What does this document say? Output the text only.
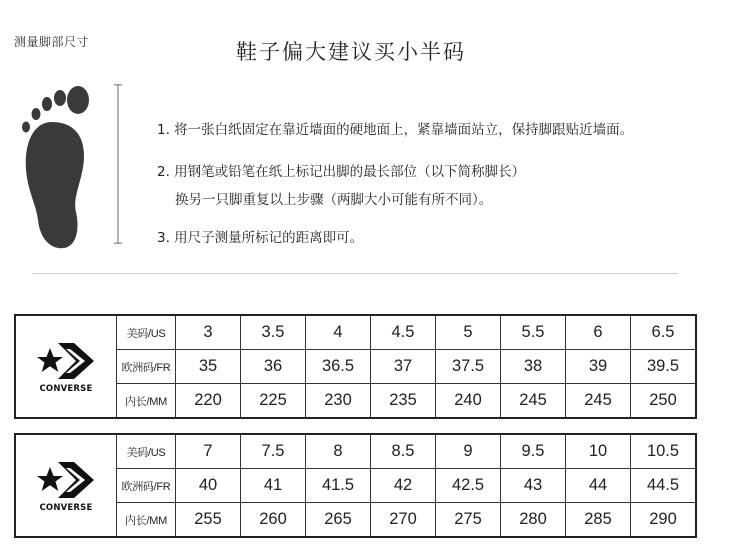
测量脚部尺寸	鞋子偏大建议买小半码
1. 将一张白纸固定在靠近墙面的硬地面上，紧靠墙面站立，保持脚跟贴近墙面。
2. 用钢笔或铅笔在纸上标记出脚的最长部位（以下简称脚长）
换另一只脚重复以上步骤（两脚大小可能有所不同）。
3. 用尺子测量所标记的距离即可。
CONVERSE	美码/US	3	3.5	4	4.5	5	5.5	6	6.5
	欧洲码/FR	35	36	36.5	37	37.5	38	39	39.5
	内长/MM	220	225	230	235	240	245	245	250
CONVERSE	美码/US	7	7.5	8	8.5	9	9.5	10	10.5
	欧洲码/FR	40	41	41.5	42	42.5	43	44	44.5
	内长/MM	255	260	265	270	275	280	285	290
